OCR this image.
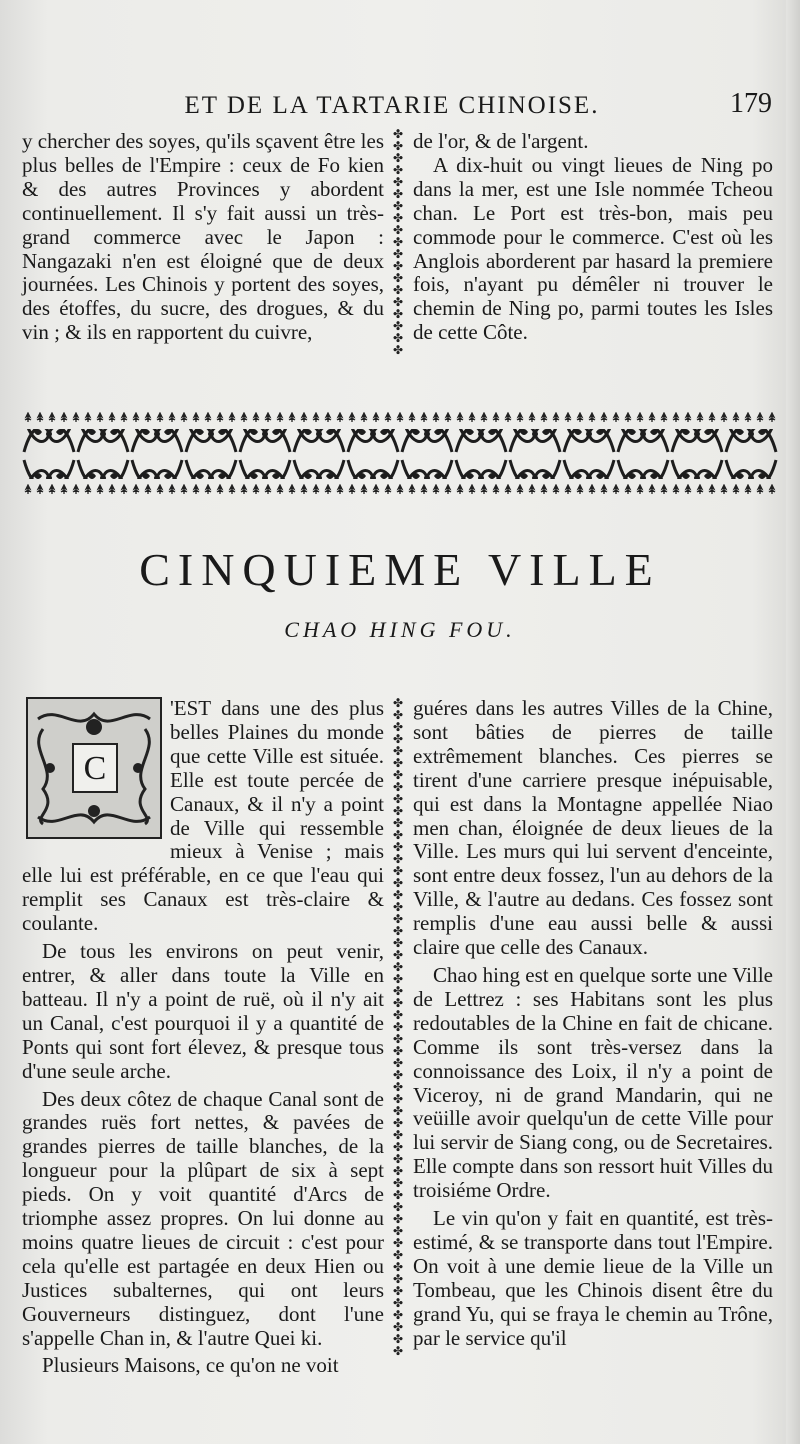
ET DE LA TARTARIE CHINOISE.	179

y chercher des soyes, qu'ils sçavent être les plus belles de l'Empire : ceux de Fo kien & des autres Provinces y abordent continuellement. Il s'y fait aussi un très-grand commerce avec le Japon : Nangazaki n'en est éloigné que de deux journées. Les Chinois y portent des soyes, des étoffes, du sucre, des drogues, & du vin ; & ils en rapportent du cuivre,

✤
✤
✤
✤
✤
✤
✤
✤
✤
✤
✤
✤
✤
✤
✤
✤
✤
✤
✤

de l'or, & de l'argent.

A dix-huit ou vingt lieues de Ning po dans la mer, est une Isle nommée Tcheou chan. Le Port est très-bon, mais peu commode pour le commerce. C'est où les Anglois aborderent par hasard la premiere fois, n'ayant pu démêler ni trouver le chemin de Ning po, parmi toutes les Isles de cette Côte.

CINQUIEME VILLE
CHAO HING FOU.

'EST dans une des plus belles Plaines du monde que cette Ville est située. Elle est toute percée de Canaux, & il n'y a point de Ville qui ressemble mieux à Venise ; mais elle lui est préférable, en ce que l'eau qui remplit ses Canaux est très-claire & coulante.

De tous les environs on peut venir, entrer, & aller dans toute la Ville en batteau. Il n'y a point de ruë, où il n'y ait un Canal, c'est pourquoi il y a quantité de Ponts qui sont fort élevez, & presque tous d'une seule arche.

Des deux côtez de chaque Canal sont de grandes ruës fort nettes, & pavées de grandes pierres de taille blanches, de la longueur pour la plûpart de six à sept pieds. On y voit quantité d'Arcs de triomphe assez propres. On lui donne au moins quatre lieues de circuit : c'est pour cela qu'elle est partagée en deux Hien ou Justices subalternes, qui ont leurs Gouverneurs distinguez, dont l'une s'appelle Chan in, & l'autre Quei ki.

Plusieurs Maisons, ce qu'on ne voit

C
✤
✤
✤
✤
✤
✤
✤
✤
✤
✤
✤
✤
✤
✤
✤
✤
✤
✤
✤
✤
✤
✤
✤
✤
✤
✤
✤
✤
✤
✤
✤
✤
✤
✤
✤
✤
✤
✤
✤
✤
✤
✤
✤
✤
✤
✤
✤
✤
✤
✤
✤
✤
✤
✤
✤

guéres dans les autres Villes de la Chine, sont bâties de pierres de taille extrêmement blanches. Ces pierres se tirent d'une carriere presque inépuisable, qui est dans la Montagne appellée Niao men chan, éloignée de deux lieues de la Ville. Les murs qui lui servent d'enceinte, sont entre deux fossez, l'un au dehors de la Ville, & l'autre au dedans. Ces fossez sont remplis d'une eau aussi belle & aussi claire que celle des Canaux.

Chao hing est en quelque sorte une Ville de Lettrez : ses Habitans sont les plus redoutables de la Chine en fait de chicane. Comme ils sont très-versez dans la connoissance des Loix, il n'y a point de Viceroy, ni de grand Mandarin, qui ne veüille avoir quelqu'un de cette Ville pour lui servir de Siang cong, ou de Secretaires. Elle compte dans son ressort huit Villes du troisiéme Ordre.

Le vin qu'on y fait en quantité, est très-estimé, & se transporte dans tout l'Empire. On voit à une demie lieue de la Ville un Tombeau, que les Chinois disent être du grand Yu, qui se fraya le chemin au Trône, par le service qu'il
